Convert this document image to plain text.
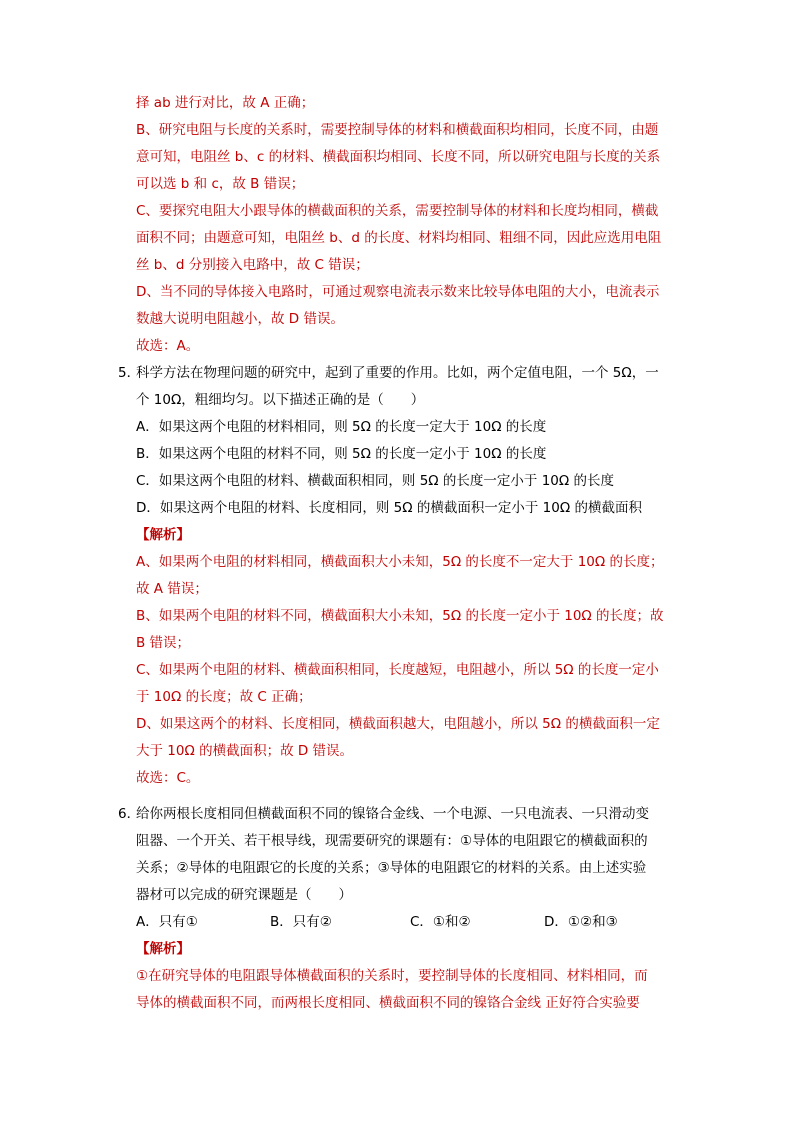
择 ab 进行对比，故 A 正确；
B、研究电阻与长度的关系时，需要控制导体的材料和横截面积均相同，长度不同，由题
意可知，电阻丝 b、c 的材料、横截面积均相同、长度不同，所以研究电阻与长度的关系
可以选 b 和 c，故 B 错误；
C、要探究电阻大小跟导体的横截面积的关系，需要控制导体的材料和长度均相同，横截
面积不同；由题意可知，电阻丝 b、d 的长度、材料均相同、粗细不同，因此应选用电阻
丝 b、d 分别接入电路中，故 C 错误；
D、当不同的导体接入电路时，可通过观察电流表示数来比较导体电阻的大小，电流表示
数越大说明电阻越小，故 D 错误。
故选：A。
5．
科学方法在物理问题的研究中，起到了重要的作用。比如，两个定值电阻，一个 5Ω，一
个 10Ω，粗细均匀。以下描述正确的是（　　）
A．如果这两个电阻的材料相同，则 5Ω 的长度一定大于 10Ω 的长度
B．如果这两个电阻的材料不同，则 5Ω 的长度一定小于 10Ω 的长度
C．如果这两个电阻的材料、横截面积相同，则 5Ω 的长度一定小于 10Ω 的长度
D．如果这两个电阻的材料、长度相同，则 5Ω 的横截面积一定小于 10Ω 的横截面积
【解析】
A、如果两个电阻的材料相同，横截面积大小未知，5Ω 的长度不一定大于 10Ω 的长度；
故 A 错误；
B、如果两个电阻的材料不同，横截面积大小未知，5Ω 的长度一定小于 10Ω 的长度；故
B 错误；
C、如果两个电阻的材料、横截面积相同，长度越短，电阻越小，所以 5Ω 的长度一定小
于 10Ω 的长度；故 C 正确；
D、如果这两个的材料、长度相同，横截面积越大，电阻越小，所以 5Ω 的横截面积一定
大于 10Ω 的横截面积；故 D 错误。
故选：C。
6．
给你两根长度相同但横截面积不同的镍铬合金线、一个电源、一只电流表、一只滑动变
阻器、一个开关、若干根导线，现需要研究的课题有：①导体的电阻跟它的横截面积的
关系；②导体的电阻跟它的长度的关系；③导体的电阻跟它的材料的关系。由上述实验
器材可以完成的研究课题是（　　）
A．只有①	B．只有②	C．①和②	D．①②和③
【解析】
①在研究导体的电阻跟导体横截面积的关系时，要控制导体的长度相同、材料相同，而
导体的横截面积不同，而两根长度相同、横截面积不同的镍铬合金线 正好符合实验要
